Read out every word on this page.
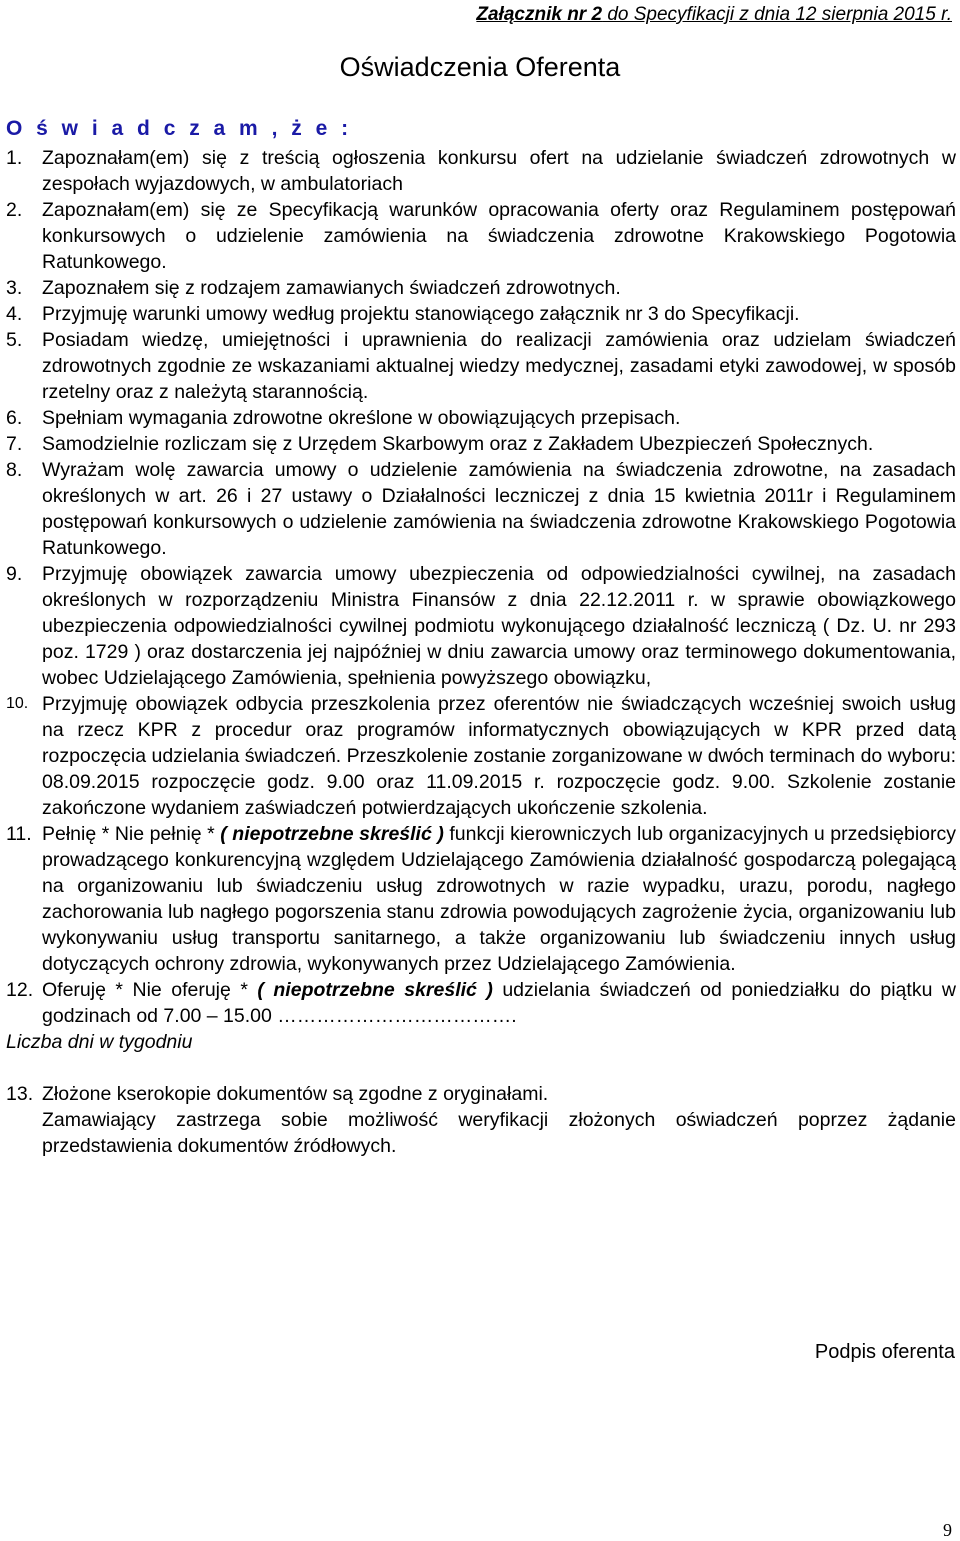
Załącznik nr 2 do Specyfikacji z dnia 12 sierpnia 2015 r.
Oświadczenia Oferenta
O ś w i a d c z a m , ż e :
1. Zapoznałam(em) się z treścią ogłoszenia konkursu ofert na udzielanie świadczeń zdrowotnych w zespołach wyjazdowych, w ambulatoriach
2. Zapoznałam(em) się ze Specyfikacją warunków opracowania oferty oraz Regulaminem postępowań konkursowych o udzielenie zamówienia na świadczenia zdrowotne Krakowskiego Pogotowia Ratunkowego.
3. Zapoznałem się z rodzajem zamawianych świadczeń zdrowotnych.
4. Przyjmuję warunki umowy według projektu stanowiącego załącznik nr 3 do Specyfikacji.
5. Posiadam wiedzę, umiejętności i uprawnienia do realizacji zamówienia oraz udzielam świadczeń zdrowotnych zgodnie ze wskazaniami aktualnej wiedzy medycznej, zasadami etyki zawodowej, w sposób rzetelny oraz z należytą starannością.
6. Spełniam wymagania zdrowotne określone w obowiązujących przepisach.
7. Samodzielnie rozliczam się z Urzędem Skarbowym oraz z Zakładem Ubezpieczeń Społecznych.
8. Wyrażam wolę zawarcia umowy o udzielenie zamówienia na świadczenia zdrowotne, na zasadach określonych w art. 26 i 27 ustawy o Działalności leczniczej z dnia 15 kwietnia 2011r i Regulaminem postępowań konkursowych o udzielenie zamówienia na świadczenia zdrowotne Krakowskiego Pogotowia Ratunkowego.
9. Przyjmuję obowiązek zawarcia umowy ubezpieczenia od odpowiedzialności cywilnej, na zasadach określonych w rozporządzeniu Ministra Finansów z dnia 22.12.2011 r. w sprawie obowiązkowego ubezpieczenia odpowiedzialności cywilnej podmiotu wykonującego działalność leczniczą ( Dz. U. nr 293 poz. 1729 ) oraz dostarczenia jej najpóźniej w dniu zawarcia umowy oraz terminowego dokumentowania, wobec Udzielającego Zamówienia, spełnienia powyższego obowiązku,
10. Przyjmuję obowiązek odbycia przeszkolenia przez oferentów nie świadczących wcześniej swoich usług na rzecz KPR z procedur oraz programów informatycznych obowiązujących w KPR przed datą rozpoczęcia udzielania świadczeń. Przeszkolenie zostanie zorganizowane w dwóch terminach do wyboru: 08.09.2015 rozpoczęcie godz. 9.00 oraz 11.09.2015 r. rozpoczęcie godz. 9.00. Szkolenie zostanie zakończone wydaniem zaświadczeń potwierdzających ukończenie szkolenia.
11. Pełnię * Nie pełnię * ( niepotrzebne skreślić ) funkcji kierowniczych lub organizacyjnych u przedsiębiorcy prowadzącego konkurencyjną względem Udzielającego Zamówienia działalność gospodarczą polegającą na organizowaniu lub świadczeniu usług zdrowotnych w razie wypadku, urazu, porodu, nagłego zachorowania lub nagłego pogorszenia stanu zdrowia powodujących zagrożenie życia, organizowaniu lub wykonywaniu usług transportu sanitarnego, a także organizowaniu lub świadczeniu innych usług dotyczących ochrony zdrowia, wykonywanych przez Udzielającego Zamówienia.
12. Oferuję * Nie oferuję * ( niepotrzebne skreślić ) udzielania świadczeń od poniedziałku do piątku w godzinach od 7.00 – 15.00 ……………………………….
Liczba dni w tygodniu
13. Złożone kserokopie dokumentów są zgodne z oryginałami.
Zamawiający zastrzega sobie możliwość weryfikacji złożonych oświadczeń poprzez żądanie przedstawienia dokumentów źródłowych.
Podpis oferenta
9
